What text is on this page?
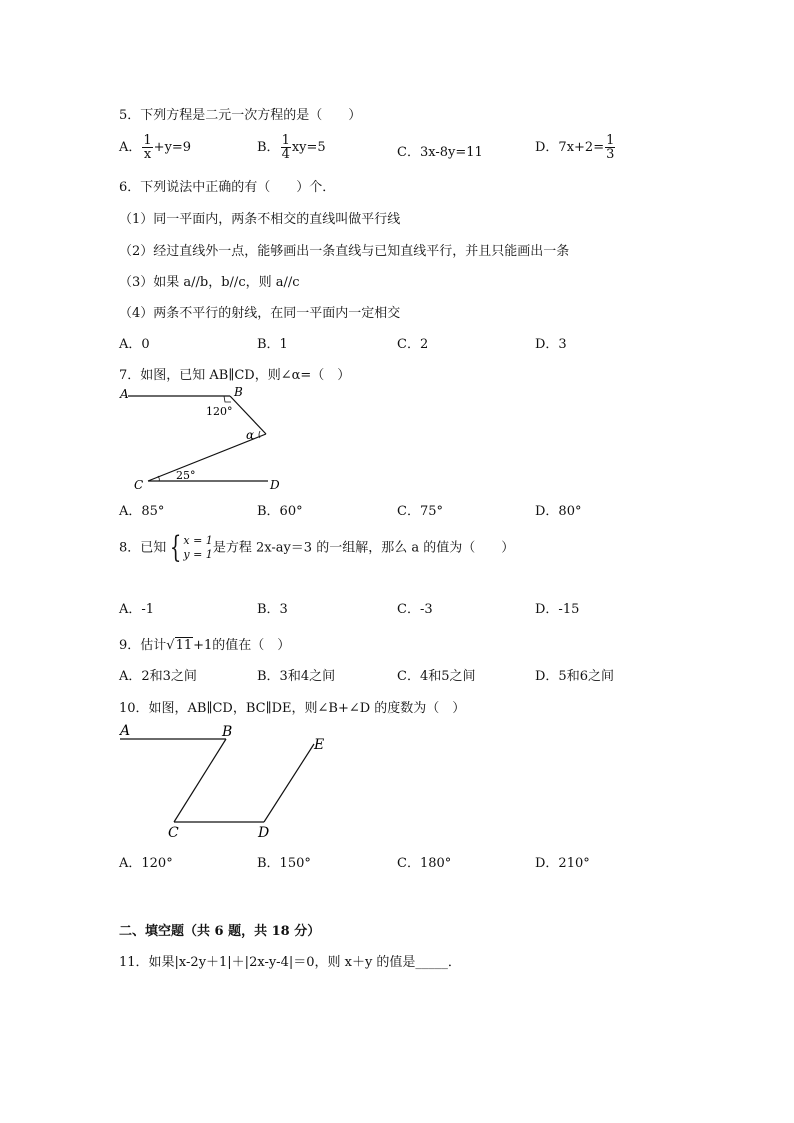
5．下列方程是二元一次方程的是（　　）
A． $\frac{1}{x} +y=9$	B． $\frac{1}{4} xy=5$	C．3x-8y=11	D．$7x+2= \frac{1}{3}$
6．下列说法中正确的有（　　）个．
（1）同一平面内，两条不相交的直线叫做平行线
（2）经过直线外一点，能够画出一条直线与已知直线平行，并且只能画出一条
（3）如果 a//b，b//c，则 a//c
（4）两条不平行的射线，在同一平面内一定相交
A．0	B．1	C．2	D．3
7．如图，已知 AB∥CD，则∠α=（　）
A	B
120°
α
C
25°
D
A．85°	B．60°	C．75°	D．80°
8．已知 { x = 1
y = 1 是方程 2x-ay＝3 的一组解，那么 a 的值为（　　）
A．-1	B．3	C．-3	D．-15
9．估计√11+1的值在（　）
A．2和3之间	B．3和4之间	C．4和5之间	D．5和6之间
10．如图，AB∥CD，BC∥DE，则∠B+∠D 的度数为（　）
A	B
C	D
E
A．120°	B．150°	C．180°	D．210°
二、填空题（共 6 题，共 18 分）
11．如果|x-2y＋1|＋|2x-y-4|＝0，则 x＋y 的值是_____．
